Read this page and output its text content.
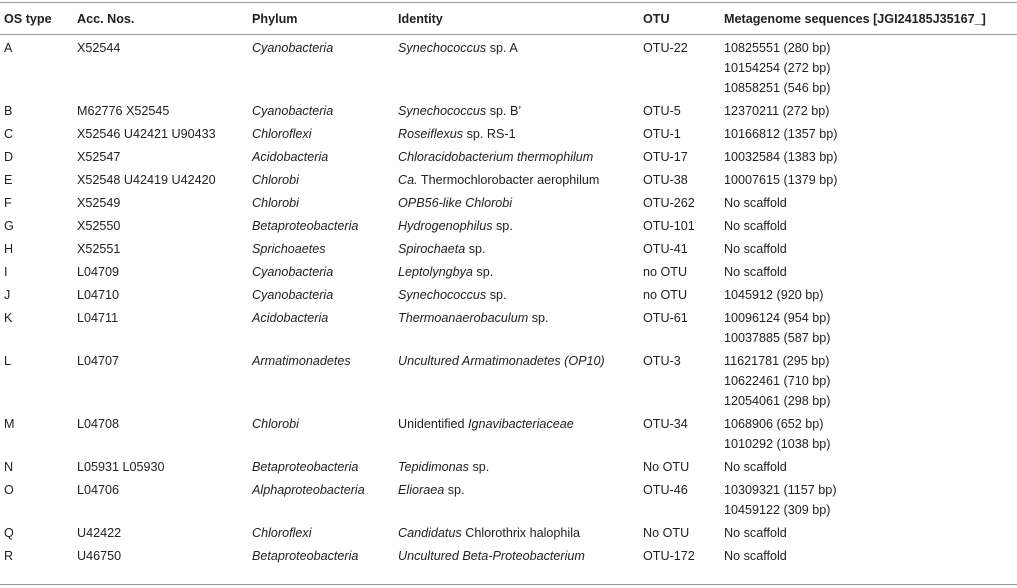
OS type	Acc. Nos.	Phylum	Identity	OTU	Metagenome sequences [JGI24185J35167_]
A	X52544	Cyanobacteria	Synechococcus sp. A	OTU-22	10825551 (280 bp)
10154254 (272 bp)
10858251 (546 bp)

B	M62776 X52545	Cyanobacteria	Synechococcus sp. B’	OTU-5	12370211 (272 bp)

C	X52546 U42421 U90433	Chloroflexi	Roseiflexus sp. RS-1	OTU-1	10166812 (1357 bp)

D	X52547	Acidobacteria	Chloracidobacterium thermophilum	OTU-17	10032584 (1383 bp)

E	X52548 U42419 U42420	Chlorobi	Ca. Thermochlorobacter aerophilum	OTU-38	10007615 (1379 bp)

F	X52549	Chlorobi	OPB56-like Chlorobi	OTU-262	No scaffold

G	X52550	Betaproteobacteria	Hydrogenophilus sp.	OTU-101	No scaffold

H	X52551	Sprichoaetes	Spirochaeta sp.	OTU-41	No scaffold

I	L04709	Cyanobacteria	Leptolyngbya sp.	no OTU	No scaffold

J	L04710	Cyanobacteria	Synechococcus sp.	no OTU	1045912 (920 bp)

K	L04711	Acidobacteria	Thermoanaerobaculum sp.	OTU-61	10096124 (954 bp)
10037885 (587 bp)

L	L04707	Armatimonadetes	Uncultured Armatimonadetes (OP10)	OTU-3	11621781 (295 bp)
10622461 (710 bp)
12054061 (298 bp)

M	L04708	Chlorobi	Unidentified Ignavibacteriaceae	OTU-34	1068906 (652 bp)
1010292 (1038 bp)

N	L05931 L05930	Betaproteobacteria	Tepidimonas sp.	No OTU	No scaffold

O	L04706	Alphaproteobacteria	Elioraea sp.	OTU-46	10309321 (1157 bp)
10459122 (309 bp)

Q	U42422	Chloroflexi	Candidatus Chlorothrix halophila	No OTU	No scaffold

R	U46750	Betaproteobacteria	Uncultured Beta-Proteobacterium	OTU-172	No scaffold
